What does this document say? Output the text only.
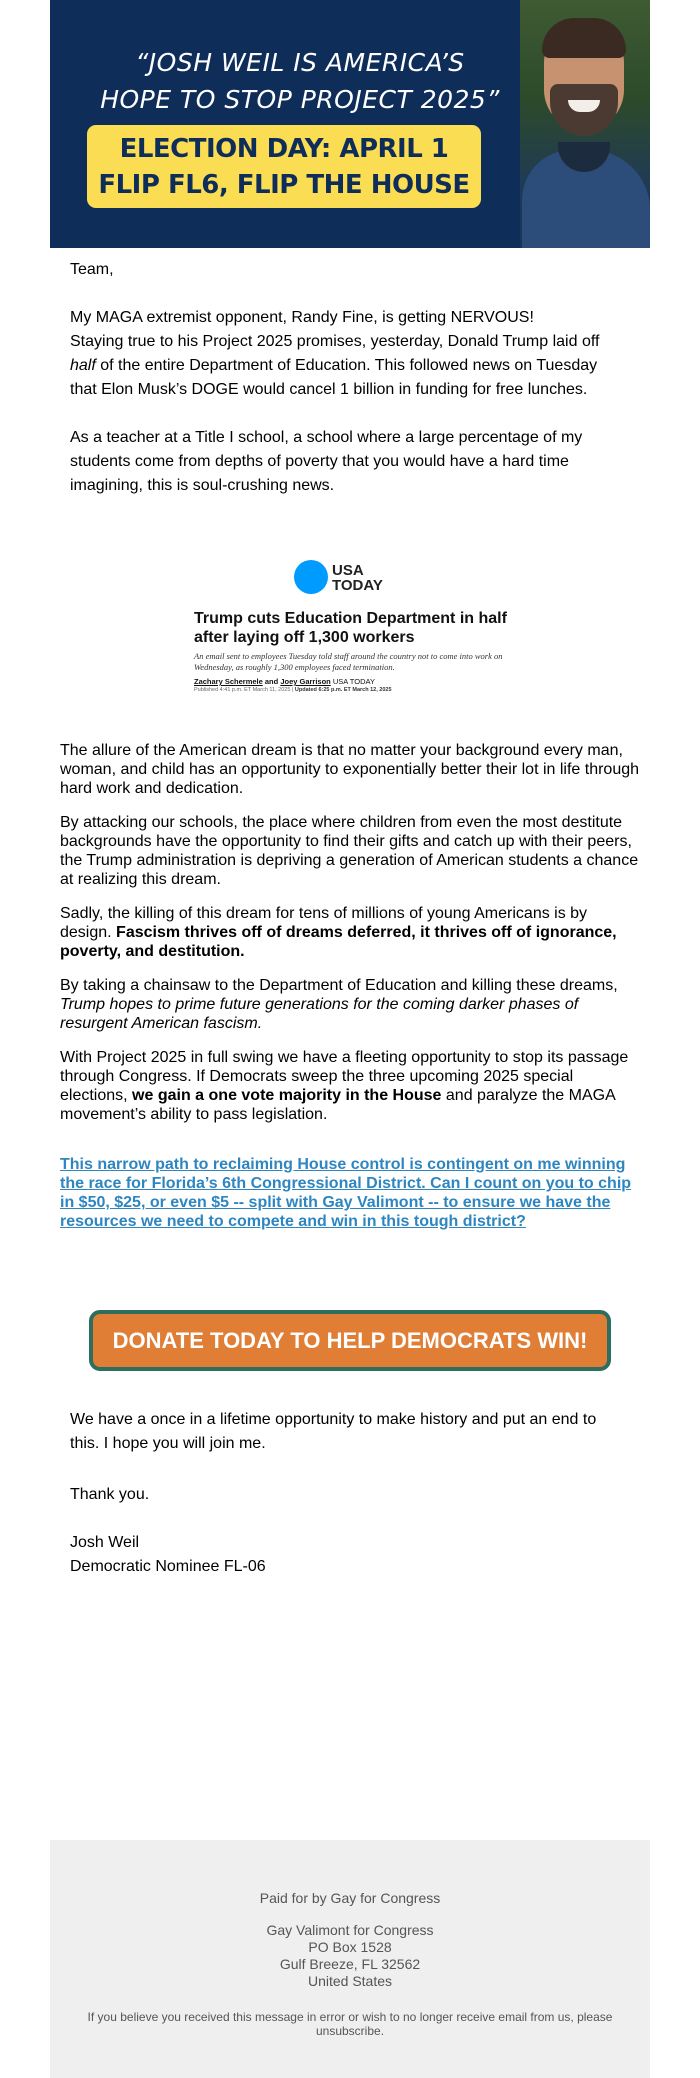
“JOSH WEIL IS AMERICA’S
HOPE TO STOP PROJECT 2025”
ELECTION DAY: APRIL 1
FLIP FL6, FLIP THE HOUSE

Team,

My MAGA extremist opponent, Randy Fine, is getting NERVOUS!

Staying true to his Project 2025 promises, yesterday, Donald Trump laid off half of the entire Department of Education. This followed news on Tuesday that Elon Musk’s DOGE would cancel 1 billion in funding for free lunches.

As a teacher at a Title I school, a school where a large percentage of my students come from depths of poverty that you would have a hard time imagining, this is soul-crushing news.

USA
TODAY
Trump cuts Education Department in half after laying off 1,300 workers
An email sent to employees Tuesday told staff around the country not to come into work on Wednesday, as roughly 1,300 employees faced termination.
Zachary Schermele and Joey Garrison USA TODAY
Published 4:41 p.m. ET March 11, 2025 | Updated 6:25 p.m. ET March 12, 2025

The allure of the American dream is that no matter your background every man, woman, and child has an opportunity to exponentially better their lot in life through hard work and dedication.

By attacking our schools, the place where children from even the most destitute backgrounds have the opportunity to find their gifts and catch up with their peers, the Trump administration is depriving a generation of American students a chance at realizing this dream.

Sadly, the killing of this dream for tens of millions of young Americans is by design. Fascism thrives off of dreams deferred, it thrives off of ignorance, poverty, and destitution.

By taking a chainsaw to the Department of Education and killing these dreams, Trump hopes to prime future generations for the coming darker phases of resurgent American fascism.

With Project 2025 in full swing we have a fleeting opportunity to stop its passage through Congress. If Democrats sweep the three upcoming 2025 special elections, we gain a one vote majority in the House and paralyze the MAGA movement’s ability to pass legislation.

This narrow path to reclaiming House control is contingent on me winning the race for Florida’s 6th Congressional District. Can I count on you to chip in $50, $25, or even $5 -- split with Gay Valimont -- to ensure we have the resources we need to compete and win in this tough district?
DONATE TODAY TO HELP DEMOCRATS WIN!

We have a once in a lifetime opportunity to make history and put an end to this. I hope you will join me.

Thank you.

Josh Weil

Democratic Nominee FL-06

Paid for by Gay for Congress
Gay Valimont for Congress
PO Box 1528
Gulf Breeze, FL 32562
United States
If you believe you received this message in error or wish to no longer receive email from us, please unsubscribe.
